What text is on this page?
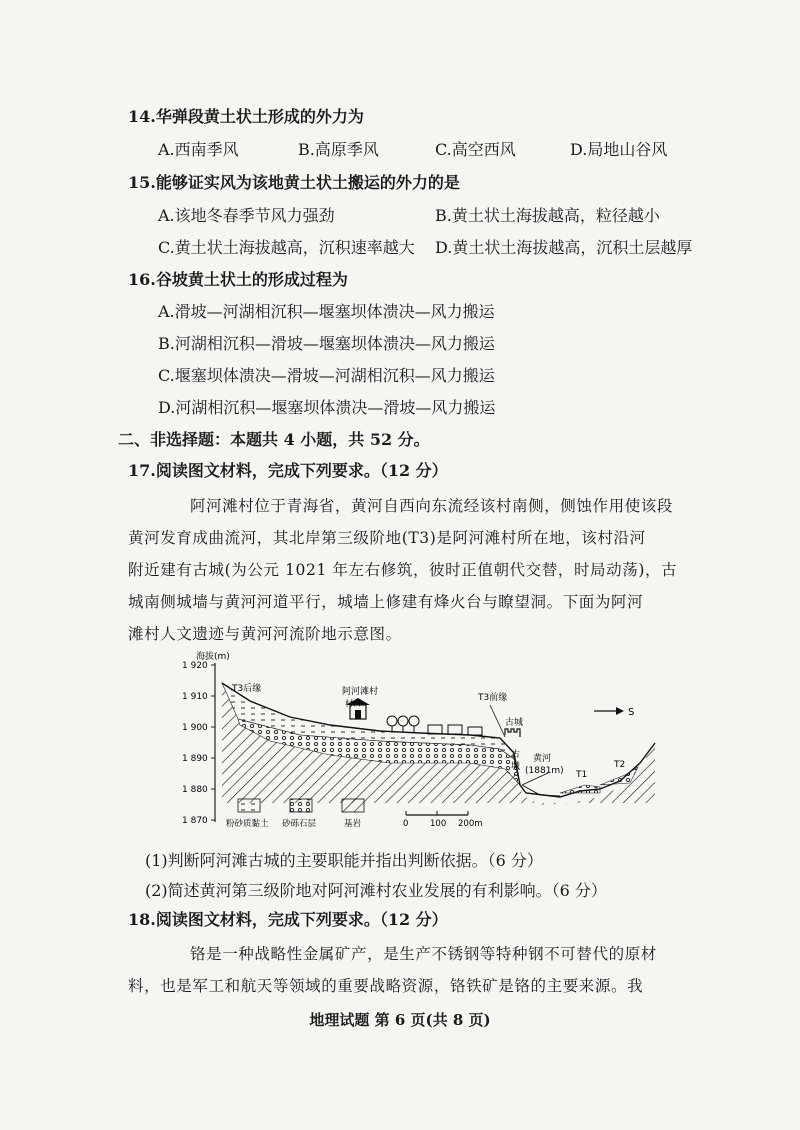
14.华弹段黄土状土形成的外力为
A.西南季风	B.高原季风	C.高空西风	D.局地山谷风
15.能够证实风为该地黄土状土搬运的外力的是
A.该地冬春季节风力强劲	B.黄土状土海拔越高，粒径越小
C.黄土状土海拔越高，沉积速率越大 D.黄土状土海拔越高，沉积土层越厚
16.谷坡黄土状土的形成过程为
A.滑坡—河湖相沉积—堰塞坝体溃决—风力搬运
B.河湖相沉积—滑坡—堰塞坝体溃决—风力搬运
C.堰塞坝体溃决—滑坡—河湖相沉积—风力搬运
D.河湖相沉积—堰塞坝体溃决—滑坡—风力搬运
二、非选择题：本题共 4 小题，共 52 分。
17.阅读图文材料，完成下列要求。（12 分）
阿河滩村位于青海省，黄河自西向东流经该村南侧，侧蚀作用使该段
黄河发育成曲流河，其北岸第三级阶地(T3)是阿河滩村所在地，该村沿河
附近建有古城(为公元 1021 年左右修筑，彼时正值朝代交替，时局动荡)，古
城南侧城墙与黄河河道平行，城墙上修建有烽火台与瞭望洞。下面为阿河
滩村人文遗迹与黄河河流阶地示意图。
海拔(m)
1 920
1 910
1 900
1 890
1 880
1 870
T3后缘	阿河滩村
村口
T3前缘
古城
古
城
黄河
(1881m) T1
T2
S
粉砂质黏土 砂砾石层	基岩	0	100 200m
(1)判断阿河滩古城的主要职能并指出判断依据。（6 分）
(2)简述黄河第三级阶地对阿河滩村农业发展的有利影响。（6 分）
18.阅读图文材料，完成下列要求。（12 分）
铬是一种战略性金属矿产，是生产不锈钢等特种钢不可替代的原材
料，也是军工和航天等领域的重要战略资源，铬铁矿是铬的主要来源。我
地理试题 第 6 页(共 8 页)
